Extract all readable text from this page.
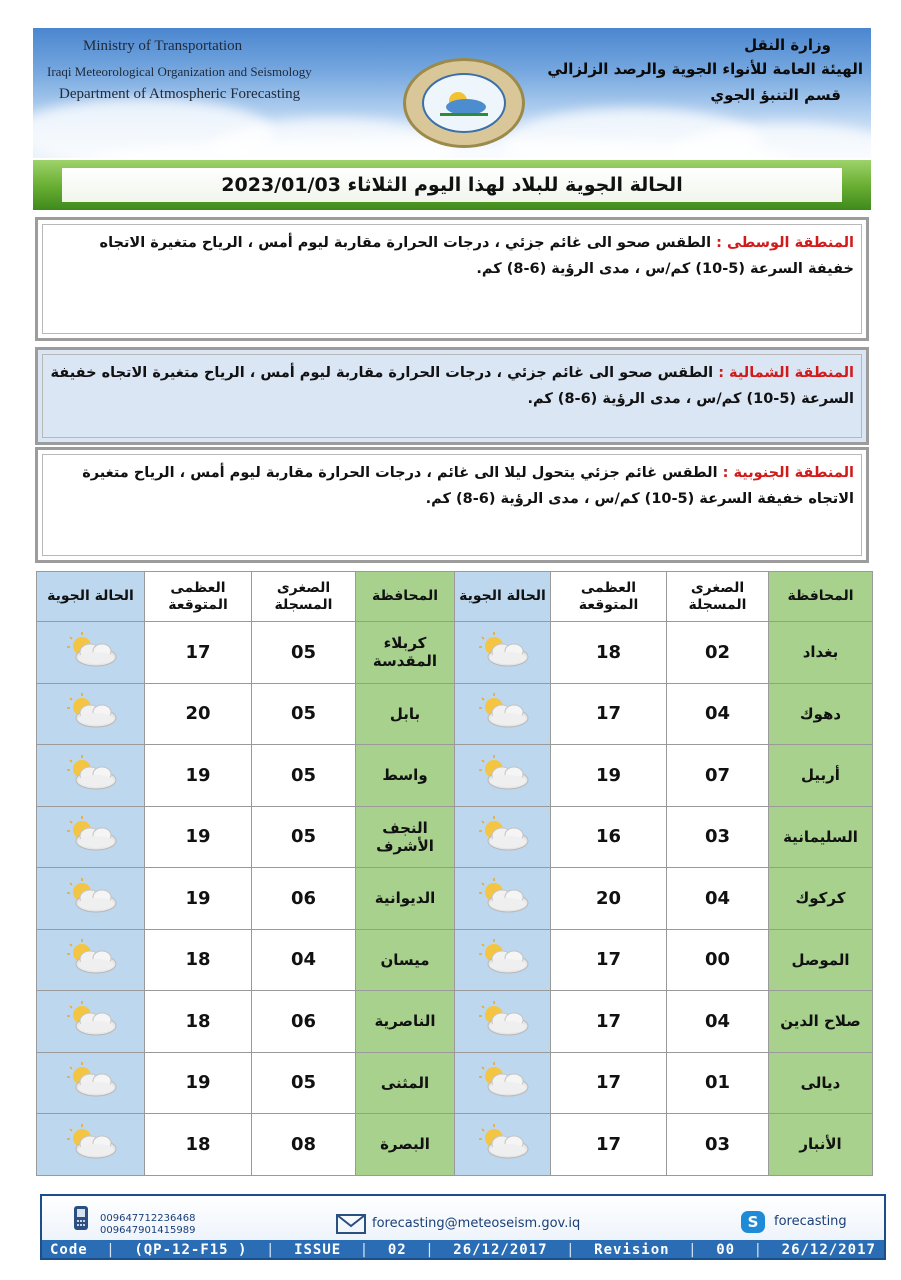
Ministry of Transportation
Iraqi Meteorological Organization and Seismology
Department of Atmospheric Forecasting
وزارة النقل
الهيئة العامة للأنواء الجوية والرصد الزلزالي
قسم التنبؤ الجوي
الحالة الجوية للبلاد لهذا اليوم الثلاثاء 2023/01/03
المنطقة الوسطى : الطقس صحو الى غائم جزئي ، درجات الحرارة مقاربة ليوم أمس ، الرياح متغيرة الاتجاه خفيفة السرعة (5-10) كم/س ، مدى الرؤية (6-8) كم.
المنطقة الشمالية : الطقس صحو الى غائم جزئي ، درجات الحرارة مقاربة ليوم أمس ، الرياح متغيرة الاتجاه خفيفة السرعة (5-10) كم/س ، مدى الرؤية (6-8) كم.
المنطقة الجنوبية : الطقس غائم جزئي يتحول ليلا الى غائم ، درجات الحرارة مقاربة ليوم أمس ، الرياح متغيرة الاتجاه خفيفة السرعة (5-10) كم/س ، مدى الرؤية (6-8) كم.
المحافظة	الصغرى المسجلة	العظمى المتوقعة	الحالة الجوية	المحافظة	الصغرى المسجلة	العظمى المتوقعة	الحالة الجوية
بغداد	02	18		كربلاء المقدسة	05	17	
دهوك	04	17		بابل	05	20	
أربيل	07	19		واسط	05	19	
السليمانية	03	16		النجف الأشرف	05	19	
كركوك	04	20		الديوانية	06	19	
الموصل	00	17		ميسان	04	18	
صلاح الدين	04	17		الناصرية	06	18	
ديالى	01	17		المثنى	05	19	
الأنبار	03	17		البصرة	08	18	
009647712236468
009647901415989	forecasting@meteoseism.gov.iq	S forecasting
Code | (QP-12-F15 ) | ISSUE | 02 | 26/12/2017 | Revision | 00 | 26/12/2017
